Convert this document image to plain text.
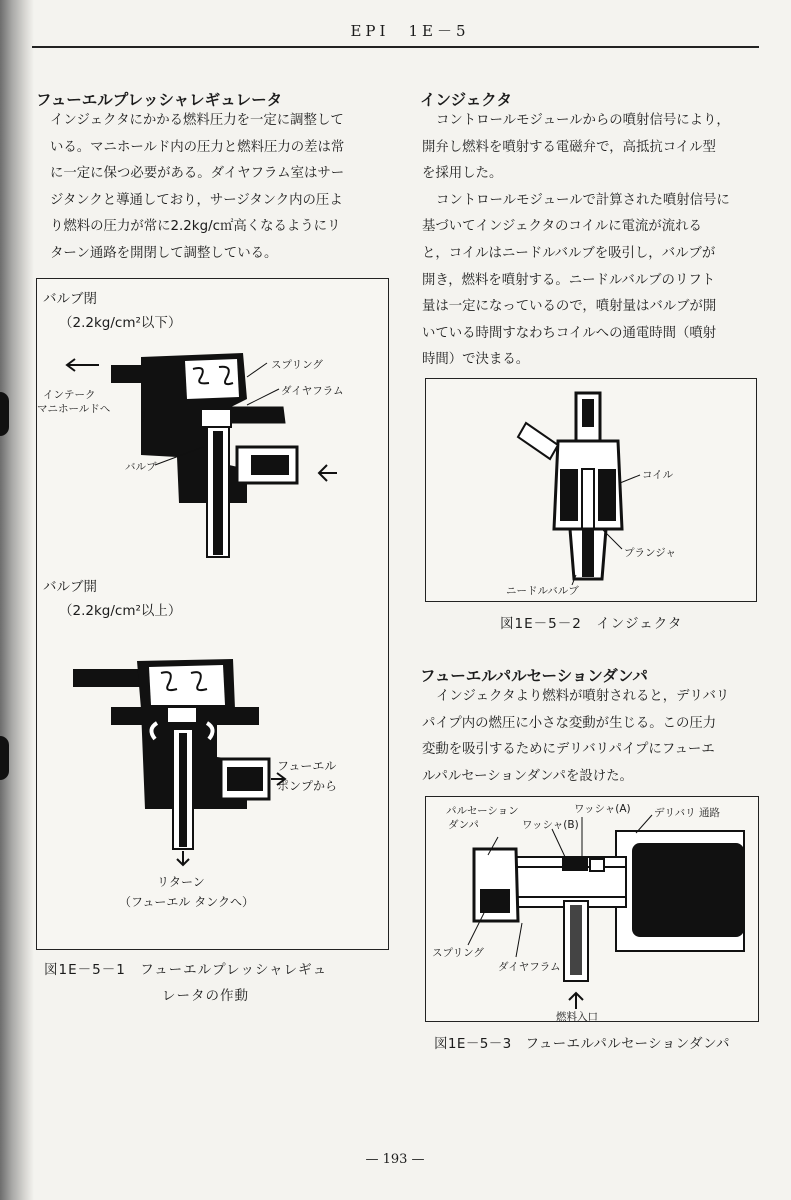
EPI　1E－5
フューエルプレッシャレギュレータ

インジェクタにかかる燃料圧力を一定に調整して

いる。マニホールド内の圧力と燃料圧力の差は常

に一定に保つ必要がある。ダイヤフラム室はサー

ジタンクと導通しており，サージタンク内の圧よ

り燃料の圧力が常に2.2kg/c㎡高くなるようにリ

ターン通路を開閉して調整している。

バルブ閉
（2.2kg/cm²以下）
スプリング
ダイヤフラム
インテーク
マニホールドへ
バルブ
バルブ開
（2.2kg/cm²以上）
フューエル
ポンプから
リターン
（フューエル タンクへ）
図1E－5－1　フューエルプレッシャレギュ
レータの作動
インジェクタ

コントロールモジュールからの噴射信号により，

開弁し燃料を噴射する電磁弁で，高抵抗コイル型

を採用した。

コントロールモジュールで計算された噴射信号に

基づいてインジェクタのコイルに電流が流れる

と，コイルはニードルバルブを吸引し，バルブが

開き，燃料を噴射する。ニードルバルブのリフト

量は一定になっているので，噴射量はバルブが開

いている時間すなわちコイルへの通電時間（噴射

時間）で決まる。

コイル
プランジャ
ニードルバルブ
図1E－5－2　インジェクタ
フューエルパルセーションダンパ

インジェクタより燃料が噴射されると，デリバリ

パイプ内の燃圧に小さな変動が生じる。この圧力

変動を吸引するためにデリバリパイプにフューエ

ルパルセーションダンパを設けた。

パルセーション
ダンパ
ワッシャ(A)
ワッシャ(B)
デリバリ 通路
スプリング
ダイヤフラム
燃料入口
図1E－5－3　フューエルパルセーションダンパ
— 193 —
